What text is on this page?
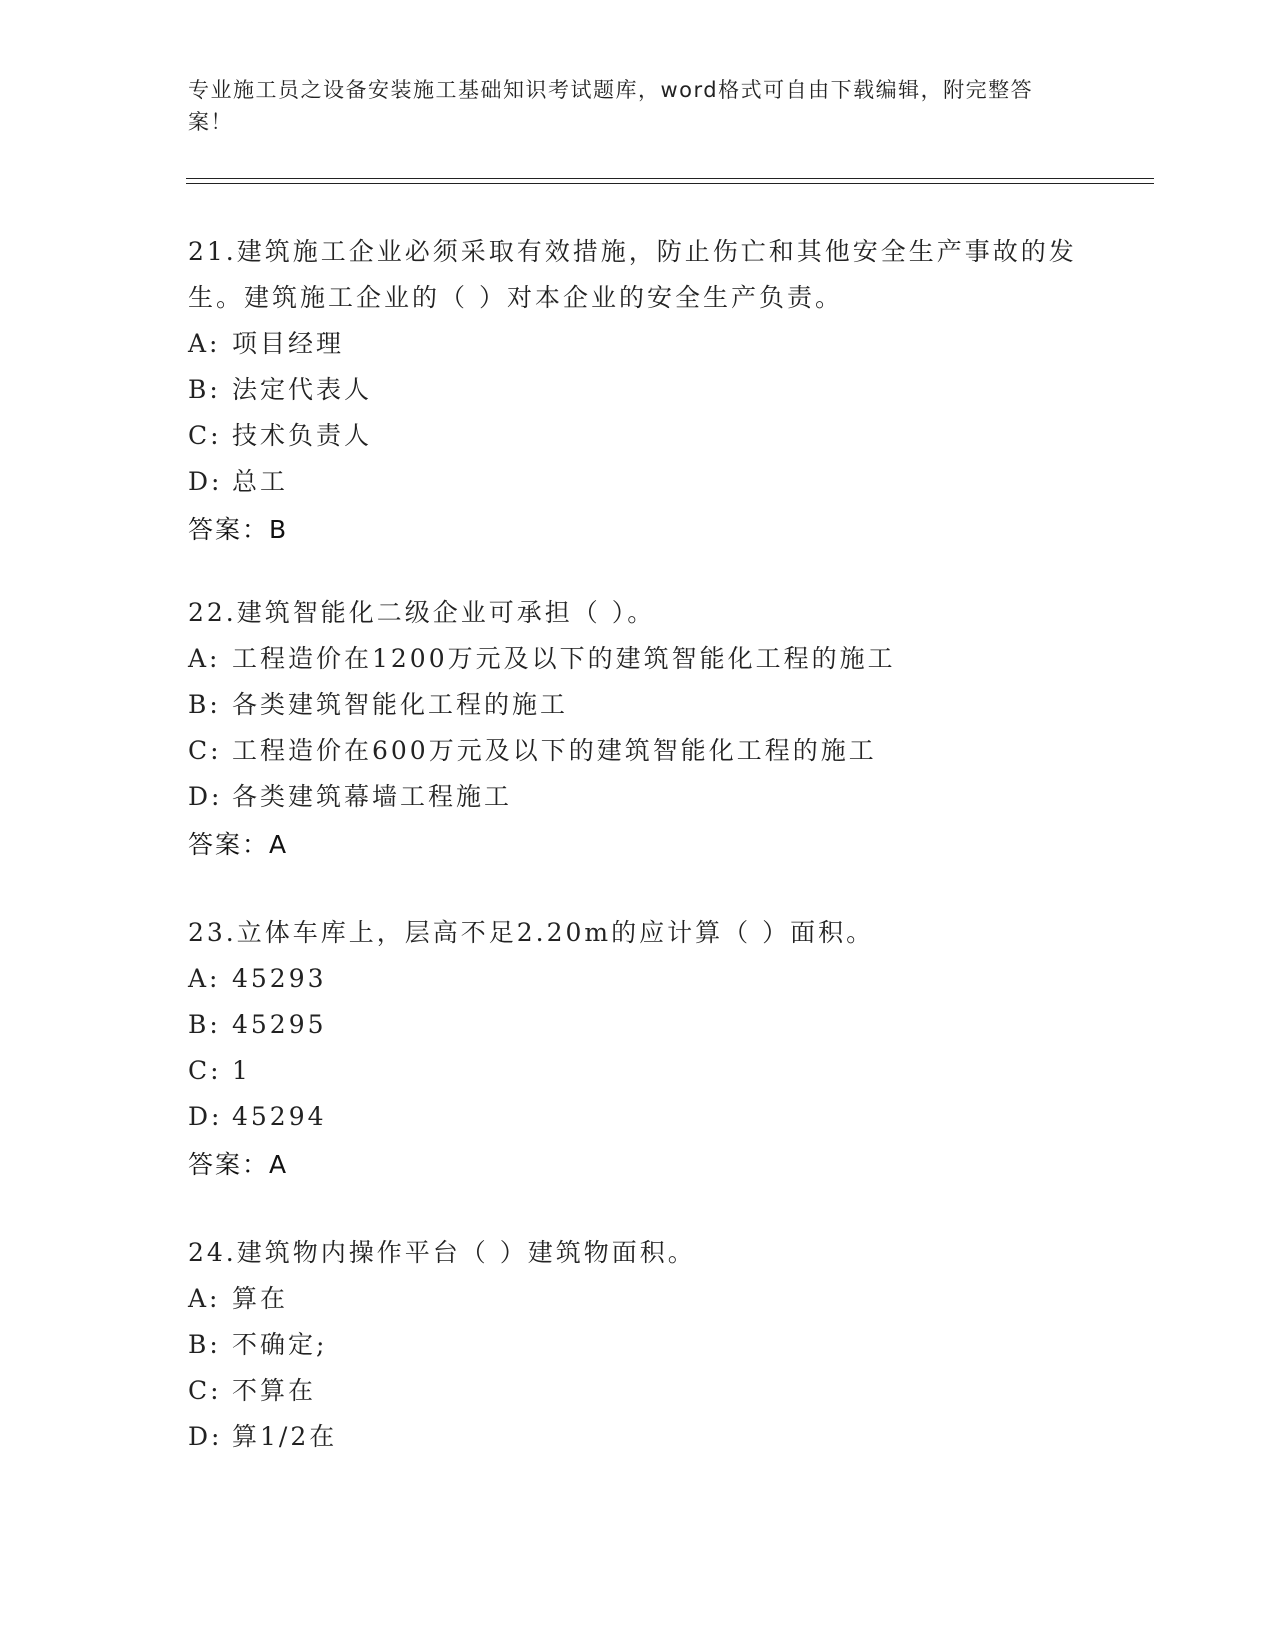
专业施工员之设备安装施工基础知识考试题库，word格式可自由下载编辑，附完整答案！
21.建筑施工企业必须采取有效措施，防止伤亡和其他安全生产事故的发生。建筑施工企业的（ ）对本企业的安全生产负责。
A: 项目经理
B: 法定代表人
C: 技术负责人
D: 总工
答案：B
22.建筑智能化二级企业可承担（ ）。
A: 工程造价在1200万元及以下的建筑智能化工程的施工
B: 各类建筑智能化工程的施工
C: 工程造价在600万元及以下的建筑智能化工程的施工
D: 各类建筑幕墙工程施工
答案：A
23.立体车库上，层高不足2.20m的应计算（ ）面积。
A: 45293
B: 45295
C: 1
D: 45294
答案：A
24.建筑物内操作平台（ ）建筑物面积。
A: 算在
B: 不确定;
C: 不算在
D: 算1/2在
